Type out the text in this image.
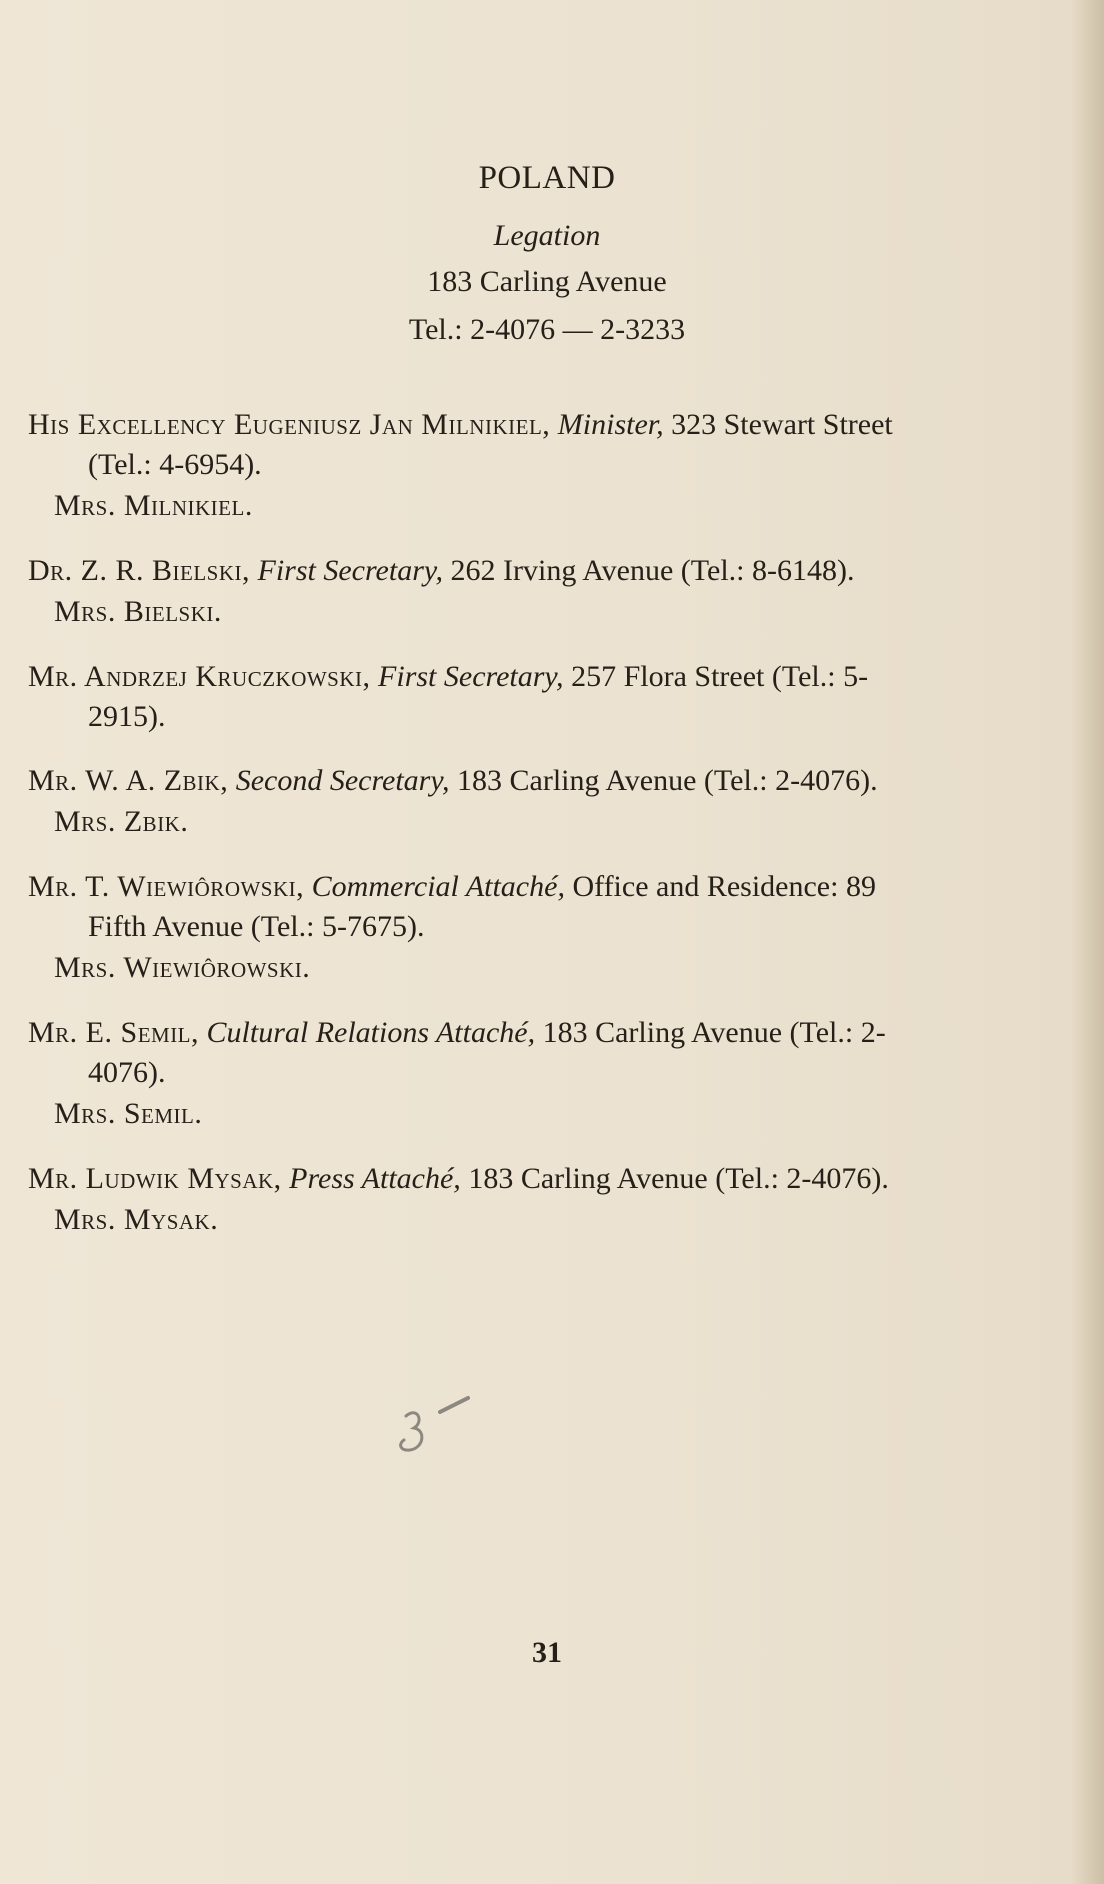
POLAND
Legation
183 Carling Avenue
Tel.: 2-4076 — 2-3233
His Excellency Eugeniusz Jan Milnikiel, Minister, 323 Stewart Street (Tel.: 4-6954).
Mrs. Milnikiel.
Dr. Z. R. Bielski, First Secretary, 262 Irving Avenue (Tel.: 8-6148).
Mrs. Bielski.
Mr. Andrzej Kruczkowski, First Secretary, 257 Flora Street (Tel.: 5-2915).
Mr. W. A. Zbik, Second Secretary, 183 Carling Avenue (Tel.: 2-4076).
Mrs. Zbik.
Mr. T. Wiewiôrowski, Commercial Attaché, Office and Residence: 89 Fifth Avenue (Tel.: 5-7675).
Mrs. Wiewiôrowski.
Mr. E. Semil, Cultural Relations Attaché, 183 Carling Avenue (Tel.: 2-4076).
Mrs. Semil.
Mr. Ludwik Mysak, Press Attaché, 183 Carling Avenue (Tel.: 2-4076).
Mrs. Mysak.
31
